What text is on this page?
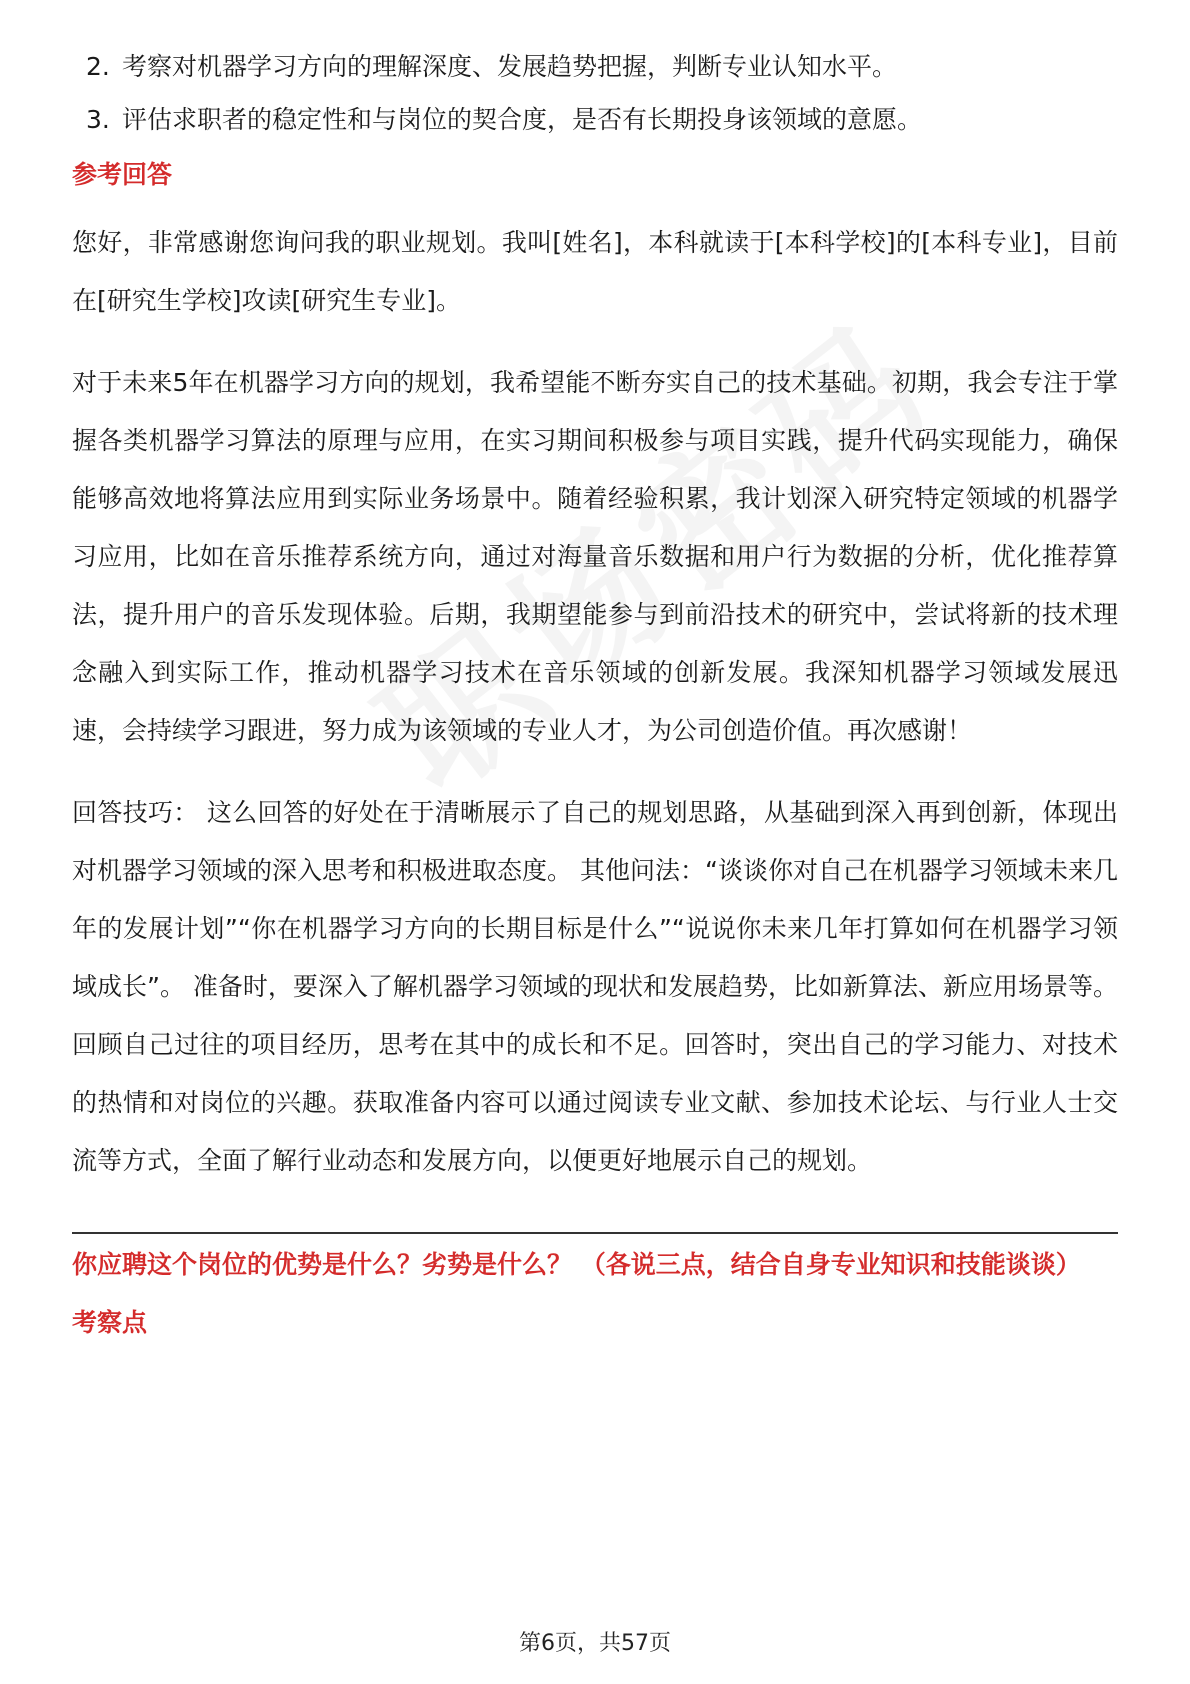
2. 考察对机器学习方向的理解深度、发展趋势把握，判断专业认知水平。
3. 评估求职者的稳定性和与岗位的契合度，是否有长期投身该领域的意愿。
参考回答

您好，非常感谢您询问我的职业规划。我叫[姓名]，本科就读于[本科学校]的[本科专业]，目前在[研究生学校]攻读[研究生专业]。

对于未来5年在机器学习方向的规划，我希望能不断夯实自己的技术基础。初期，我会专注于掌握各类机器学习算法的原理与应用，在实习期间积极参与项目实践，提升代码实现能力，确保能够高效地将算法应用到实际业务场景中。随着经验积累，我计划深入研究特定领域的机器学习应用，比如在音乐推荐系统方向，通过对海量音乐数据和用户行为数据的分析，优化推荐算法，提升用户的音乐发现体验。后期，我期望能参与到前沿技术的研究中，尝试将新的技术理念融入到实际工作，推动机器学习技术在音乐领域的创新发展。我深知机器学习领域发展迅速，会持续学习跟进，努力成为该领域的专业人才，为公司创造价值。再次感谢！

回答技巧： 这么回答的好处在于清晰展示了自己的规划思路，从基础到深入再到创新，体现出对机器学习领域的深入思考和积极进取态度。 其他问法：“谈谈你对自己在机器学习领域未来几年的发展计划”“你在机器学习方向的长期目标是什么”“说说你未来几年打算如何在机器学习领域成长”。 准备时，要深入了解机器学习领域的现状和发展趋势，比如新算法、新应用场景等。回顾自己过往的项目经历，思考在其中的成长和不足。回答时，突出自己的学习能力、对技术的热情和对岗位的兴趣。获取准备内容可以通过阅读专业文献、参加技术论坛、与行业人士交流等方式，全面了解行业动态和发展方向，以便更好地展示自己的规划。

你应聘这个岗位的优势是什么？劣势是什么？ （各说三点，结合自身专业知识和技能谈谈）

考察点
第6页，共57页
